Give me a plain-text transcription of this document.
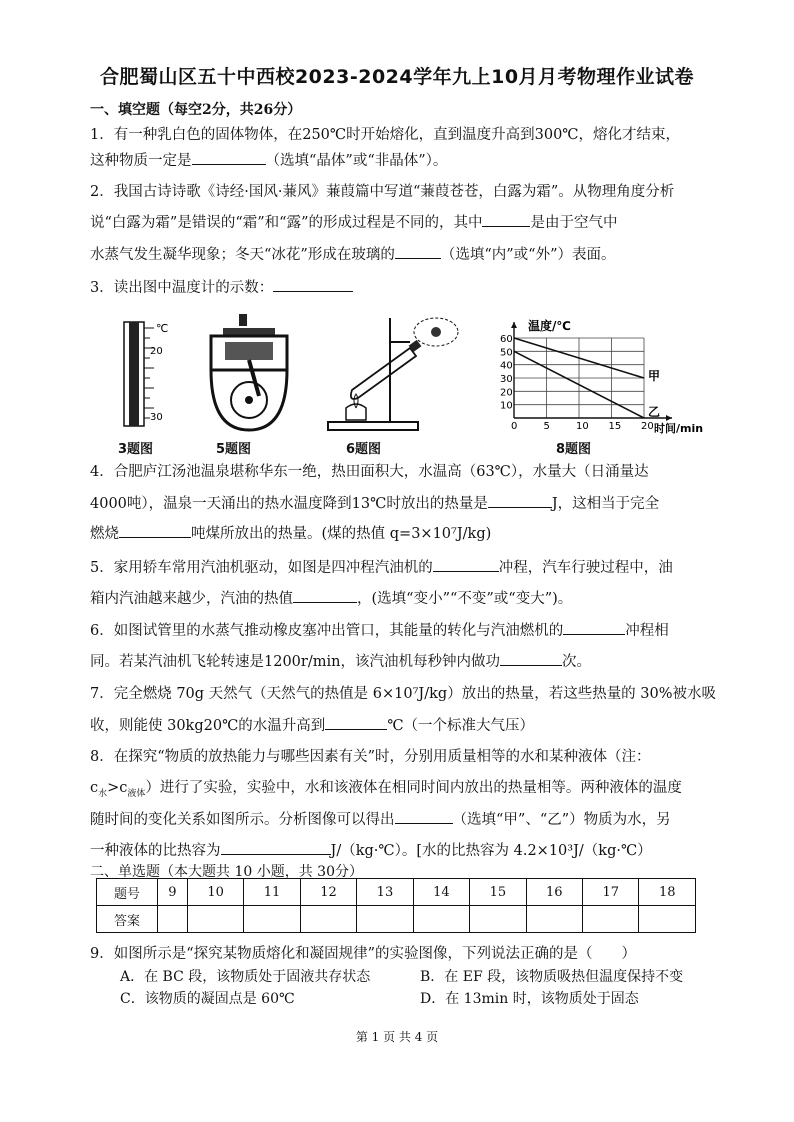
合肥蜀山区五十中西校2023-2024学年九上10月月考物理作业试卷
一、填空题（每空2分，共26分）
1．有一种乳白色的固体物体，在250℃时开始熔化，直到温度升高到300℃，熔化才结束，
这种物质一定是	（选填“晶体”或“非晶体”）。
2．我国古诗诗歌《诗经·国风·蒹风》蒹葭篇中写道“蒹葭苍苍，白露为霜”。从物理角度分析
说“白露为霜”是错误的“霜”和“露”的形成过程是不同的，其中	是由于空气中
水蒸气发生凝华现象；冬天“冰花”形成在玻璃的	（选填“内”或“外”）表面。
3．读出图中温度计的示数：
℃
20
30
3题图	5题图	6题图
温度/℃
时间/min
0	5	10 15 20
10
20
30
40
50
60
甲
乙
8题图
4．合肥庐江汤池温泉堪称华东一绝，热田面积大，水温高（63℃），水量大（日涌量达
4000吨），温泉一天涌出的热水温度降到13℃时放出的热量是	J，这相当于完全
燃烧	吨煤所放出的热量。(煤的热值 q=3×10⁷J/kg)
5．家用轿车常用汽油机驱动，如图是四冲程汽油机的	冲程，汽车行驶过程中，油
箱内汽油越来越少，汽油的热值	，(选填“变小”“不变”或“变大”)。
6．如图试管里的水蒸气推动橡皮塞冲出管口，其能量的转化与汽油燃机的	冲程相
同。若某汽油机飞轮转速是1200r/min，该汽油机每秒钟内做功	次。
7．完全燃烧 70g 天然气（天然气的热值是 6×10⁷J/kg）放出的热量，若这些热量的 30%被水吸
收，则能使 30kg20℃的水温升高到	℃（一个标准大气压）
8．在探究“物质的放热能力与哪些因素有关”时，分别用质量相等的水和某种液体（注：
$c_水>c_{液体}$）进行了实验，实验中，水和该液体在相同时间内放出的热量相等。两种液体的温度
随时间的变化关系如图所示。分析图像可以得出	（选填“甲”、“乙”）物质为水，另
一种液体的比热容为	J/（kg·℃）。[水的比热容为 4.2×10³J/（kg·℃）
二、单选题（本大题共 10 小题，共 30分）
题号	9	10	11	12	13	14	15	16	17	18
答案										
9．如图所示是“探究某物质熔化和凝固规律”的实验图像，下列说法正确的是（　　）
A．在 BC 段，该物质处于固液共存状态	B．在 EF 段，该物质吸热但温度保持不变
C．该物质的凝固点是 60℃	D．在 13min 时，该物质处于固态
第 1 页 共 4 页
